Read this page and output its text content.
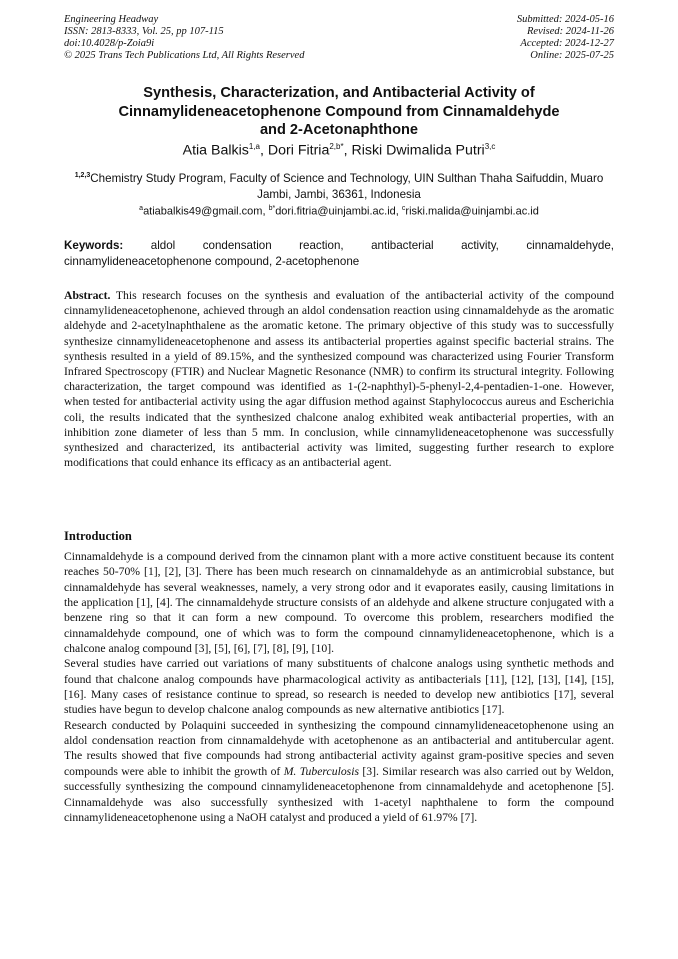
Engineering Headway
ISSN: 2813-8333, Vol. 25, pp 107-115
doi:10.4028/p-Zoia9i
© 2025 Trans Tech Publications Ltd, All Rights Reserved
Submitted: 2024-05-16
Revised: 2024-11-26
Accepted: 2024-12-27
Online: 2025-07-25
Synthesis, Characterization, and Antibacterial Activity of
Cinnamylideneacetophenone Compound from Cinnamaldehyde
and 2-Acetonaphthone
Atia Balkis$^{1,a}$, Dori Fitria$^{2,b*}$, Riski Dwimalida Putri$^{3,c}$
$^{1,2,3}$Chemistry Study Program, Faculty of Science and Technology, UIN Sulthan Thaha Saifuddin, Muaro Jambi, Jambi, 36361, Indonesia
$^a$atiabalkis49@gmail.com, $^{b*}$dori.fitria@uinjambi.ac.id, $^c$riski.malida@uinjambi.ac.id
Keywords: aldol condensation reaction, antibacterial activity, cinnamaldehyde, cinnamylideneacetophenone compound, 2-acetophenone
Abstract. This research focuses on the synthesis and evaluation of the antibacterial activity of the compound cinnamylideneacetophenone, achieved through an aldol condensation reaction using cinnamaldehyde as the aromatic aldehyde and 2-acetylnaphthalene as the aromatic ketone. The primary objective of this study was to successfully synthesize cinnamylideneacetophenone and assess its antibacterial properties against specific bacterial strains. The synthesis resulted in a yield of 89.15%, and the synthesized compound was characterized using Fourier Transform Infrared Spectroscopy (FTIR) and Nuclear Magnetic Resonance (NMR) to confirm its structural integrity. Following characterization, the target compound was identified as 1-(2-naphthyl)-5-phenyl-2,4-pentadien-1-one. However, when tested for antibacterial activity using the agar diffusion method against Staphylococcus aureus and Escherichia coli, the results indicated that the synthesized chalcone analog exhibited weak antibacterial properties, with an inhibition zone diameter of less than 5 mm. In conclusion, while cinnamylideneacetophenone was successfully synthesized and characterized, its antibacterial activity was limited, suggesting further research to explore modifications that could enhance its efficacy as an antibacterial agent.
Introduction

Cinnamaldehyde is a compound derived from the cinnamon plant with a more active constituent because its content reaches 50-70% [1], [2], [3]. There has been much research on cinnamaldehyde as an antimicrobial substance, but cinnamaldehyde has several weaknesses, namely, a very strong odor and it evaporates easily, causing limitations in the application [1], [4]. The cinnamaldehyde structure consists of an aldehyde and alkene structure conjugated with a benzene ring so that it can form a new compound. To overcome this problem, researchers modified the cinnamaldehyde compound, one of which was to form the compound cinnamylideneacetophenone, which is a chalcone analog compound [3], [5], [6], [7], [8], [9], [10].

Several studies have carried out variations of many substituents of chalcone analogs using synthetic methods and found that chalcone analog compounds have pharmacological activity as antibacterials [11], [12], [13], [14], [15], [16]. Many cases of resistance continue to spread, so research is needed to develop new antibiotics [17], several studies have begun to develop chalcone analog compounds as new alternative antibiotics [17].

Research conducted by Polaquini succeeded in synthesizing the compound cinnamylideneacetophenone using an aldol condensation reaction from cinnamaldehyde with acetophenone as an antibacterial and antitubercular agent. The results showed that five compounds had strong antibacterial activity against gram-positive species and seven compounds were able to inhibit the growth of M. Tuberculosis [3]. Similar research was also carried out by Weldon, successfully synthesizing the compound cinnamylideneacetophenone from cinnamaldehyde and acetophenone [5]. Cinnamaldehyde was also successfully synthesized with 1-acetyl naphthalene to form the compound cinnamylideneacetophenone using a NaOH catalyst and produced a yield of 61.97% [7].
